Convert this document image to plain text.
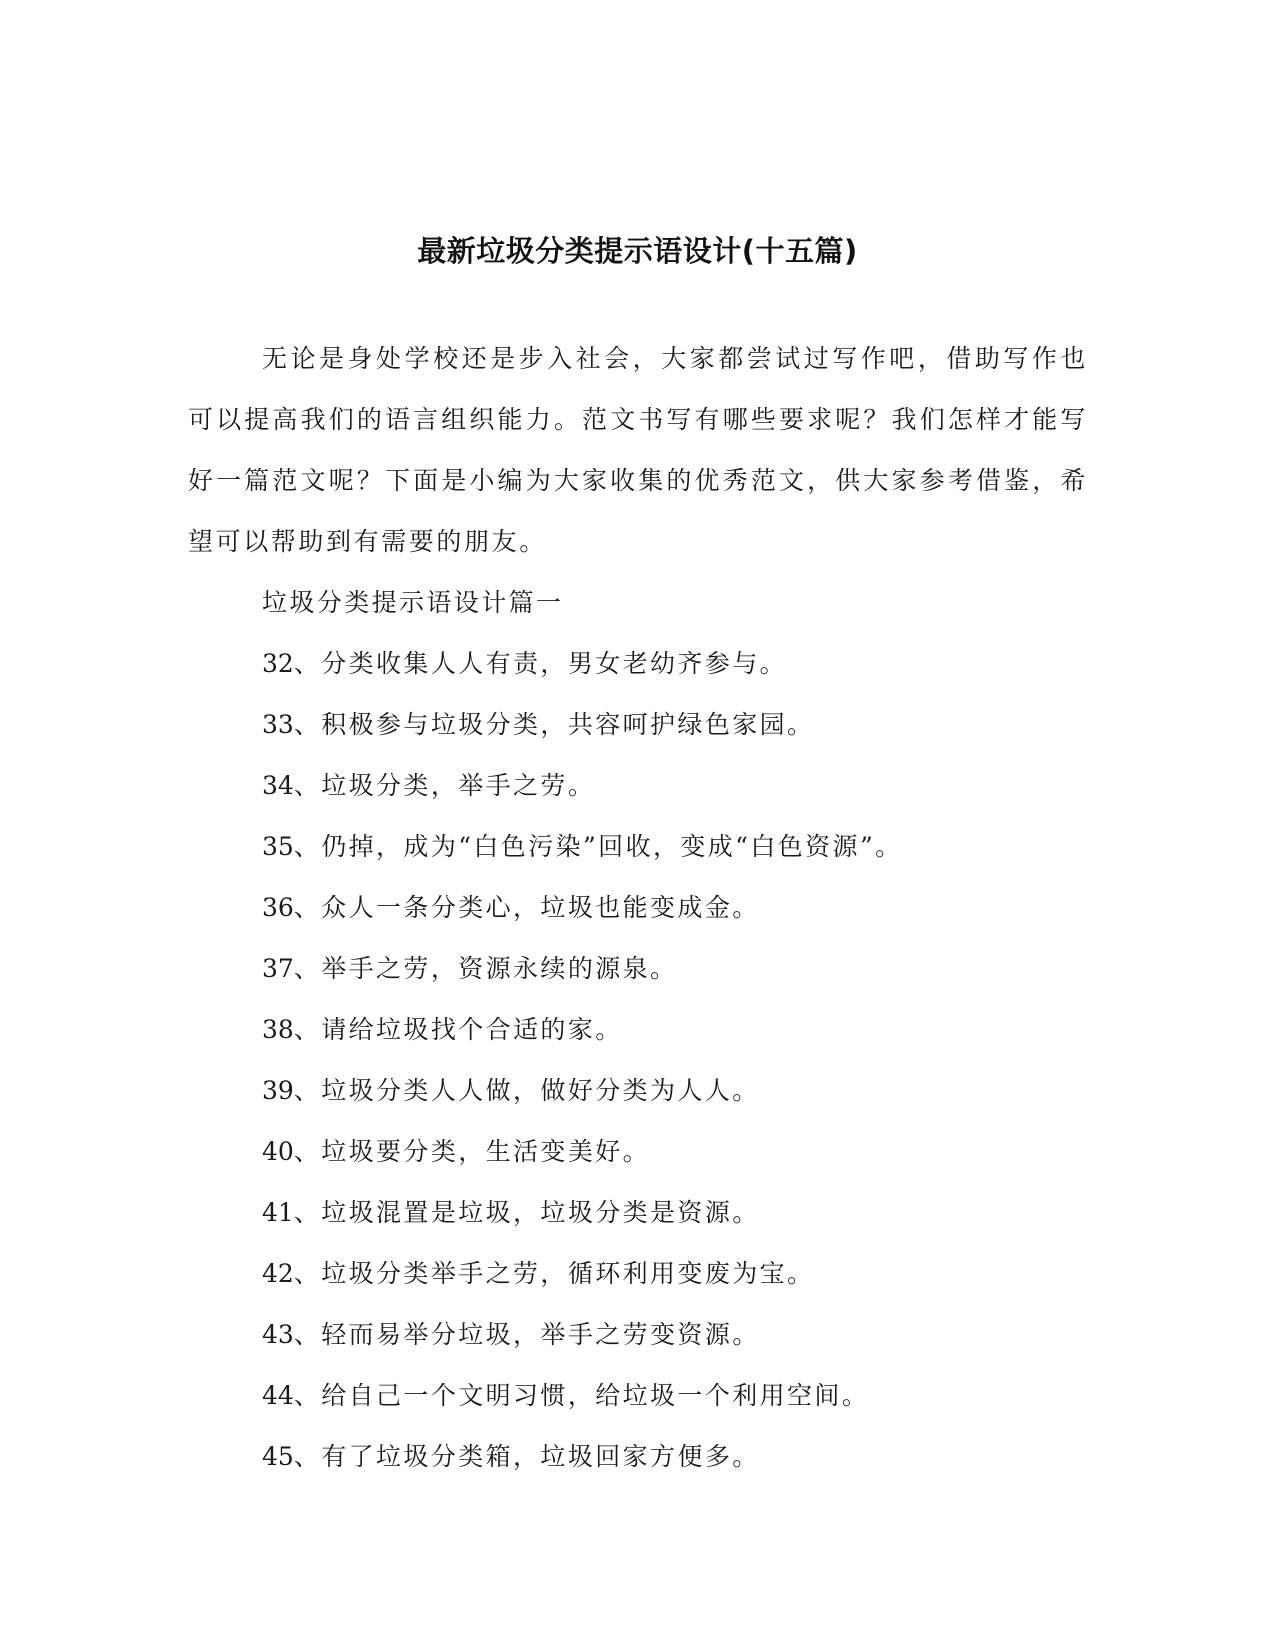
最新垃圾分类提示语设计(十五篇)

无论是身处学校还是步入社会，大家都尝试过写作吧，借助写作也可以提高我们的语言组织能力。范文书写有哪些要求呢？我们怎样才能写好一篇范文呢？下面是小编为大家收集的优秀范文，供大家参考借鉴，希望可以帮助到有需要的朋友。

垃圾分类提示语设计篇一

32、分类收集人人有责，男女老幼齐参与。
33、积极参与垃圾分类，共容呵护绿色家园。
34、垃圾分类，举手之劳。
35、仍掉，成为“白色污染”回收，变成“白色资源”。
36、众人一条分类心，垃圾也能变成金。
37、举手之劳，资源永续的源泉。
38、请给垃圾找个合适的家。
39、垃圾分类人人做，做好分类为人人。
40、垃圾要分类，生活变美好。
41、垃圾混置是垃圾，垃圾分类是资源。
42、垃圾分类举手之劳，循环利用变废为宝。
43、轻而易举分垃圾，举手之劳变资源。
44、给自己一个文明习惯，给垃圾一个利用空间。
45、有了垃圾分类箱，垃圾回家方便多。
